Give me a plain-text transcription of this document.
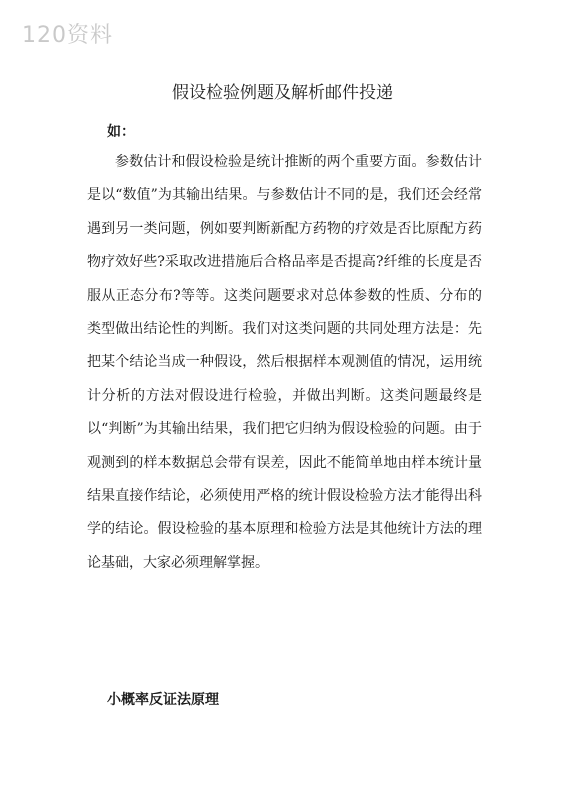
120资料
假设检验例题及解析邮件投递
如：

参数估计和假设检验是统计推断的两个重要方面。参数估计是以“数值”为其输出结果。与参数估计不同的是，我们还会经常遇到另一类问题，例如要判断新配方药物的疗效是否比原配方药物疗效好些?采取改进措施后合格品率是否提高?纤维的长度是否服从正态分布?等等。这类问题要求对总体参数的性质、分布的类型做出结论性的判断。我们对这类问题的共同处理方法是：先把某个结论当成一种假设，然后根据样本观测值的情况，运用统计分析的方法对假设进行检验，并做出判断。这类问题最终是以“判断”为其输出结果，我们把它归纳为假设检验的问题。由于观测到的样本数据总会带有误差，因此不能简单地由样本统计量结果直接作结论，必须使用严格的统计假设检验方法才能得出科学的结论。假设检验的基本原理和检验方法是其他统计方法的理论基础，大家必须理解掌握。

小概率反证法原理
